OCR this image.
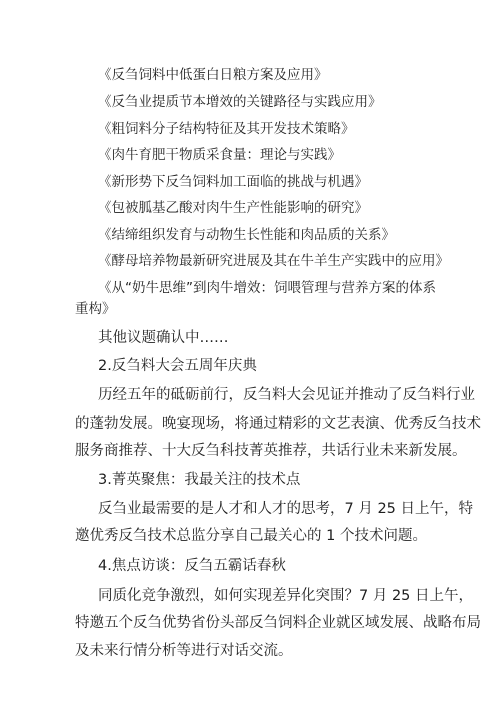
《反刍饲料中低蛋白日粮方案及应用》
《反刍业提质节本增效的关键路径与实践应用》
《粗饲料分子结构特征及其开发技术策略》
《肉牛育肥干物质采食量：理论与实践》
《新形势下反刍饲料加工面临的挑战与机遇》
《包被胍基乙酸对肉牛生产性能影响的研究》
《结缔组织发育与动物生长性能和肉品质的关系》
《酵母培养物最新研究进展及其在牛羊生产实践中的应用》
《从“奶牛思维”到肉牛增效：饲喂管理与营养方案的体系
重构》
其他议题确认中……
2.反刍料大会五周年庆典
历经五年的砥砺前行，反刍料大会见证并推动了反刍料行业
的蓬勃发展。晚宴现场，将通过精彩的文艺表演、优秀反刍技术
服务商推荐、十大反刍科技菁英推荐，共话行业未来新发展。
3.菁英聚焦：我最关注的技术点
反刍业最需要的是人才和人才的思考，7 月 25 日上午，特
邀优秀反刍技术总监分享自己最关心的 1 个技术问题。
4.焦点访谈：反刍五霸话春秋
同质化竞争激烈，如何实现差异化突围？7 月 25 日上午，
特邀五个反刍优势省份头部反刍饲料企业就区域发展、战略布局
及未来行情分析等进行对话交流。
